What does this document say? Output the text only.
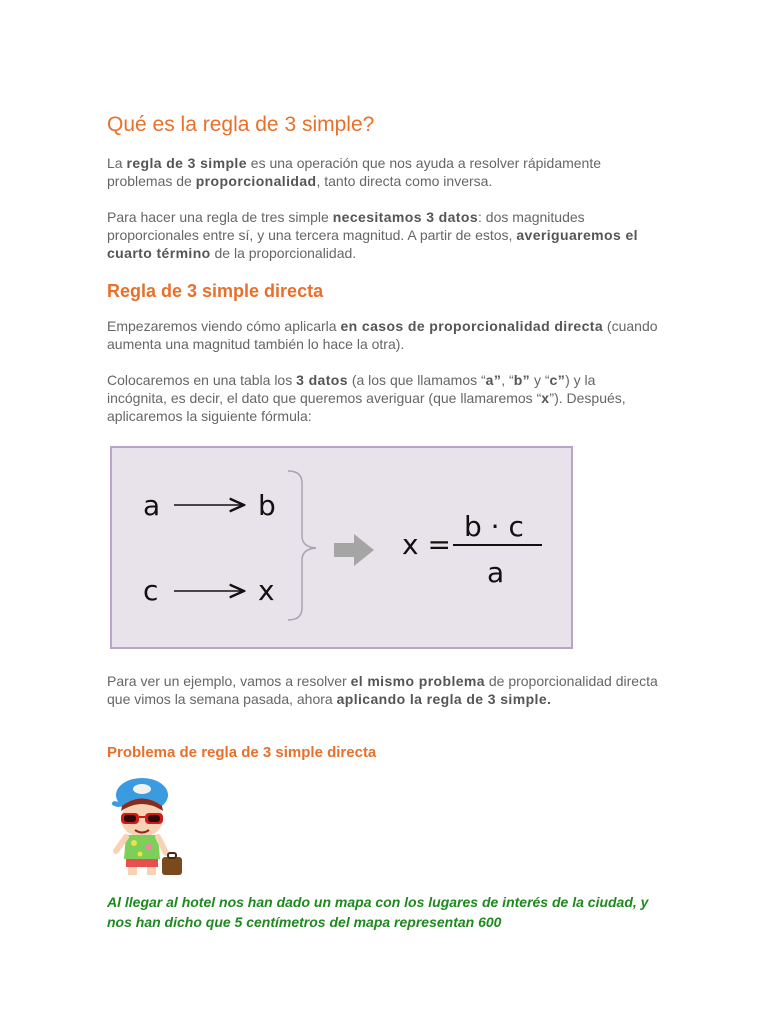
Qué es la regla de 3 simple?

La regla de 3 simple es una operación que nos ayuda a resolver rápidamente problemas de proporcionalidad, tanto directa como inversa.

Para hacer una regla de tres simple necesitamos 3 datos: dos magnitudes proporcionales entre sí, y una tercera magnitud. A partir de estos, averiguaremos el cuarto término de la proporcionalidad.

Regla de 3 simple directa

Empezaremos viendo cómo aplicarla en casos de proporcionalidad directa (cuando aumenta una magnitud también lo hace la otra).

Colocaremos en una tabla los 3 datos (a los que llamamos “a”, “b” y “c”) y la incógnita, es decir, el dato que queremos averiguar (que llamaremos “x”). Después, aplicaremos la siguiente fórmula:

Para ver un ejemplo, vamos a resolver el mismo problema de proporcionalidad directa que vimos la semana pasada, ahora aplicando la regla de 3 simple.

Problema de regla de 3 simple directa

Al llegar al hotel nos han dado un mapa con los lugares de interés de la ciudad, y nos han dicho que 5 centímetros del mapa representan 600

a	b
c	x
x =
b · c
a
